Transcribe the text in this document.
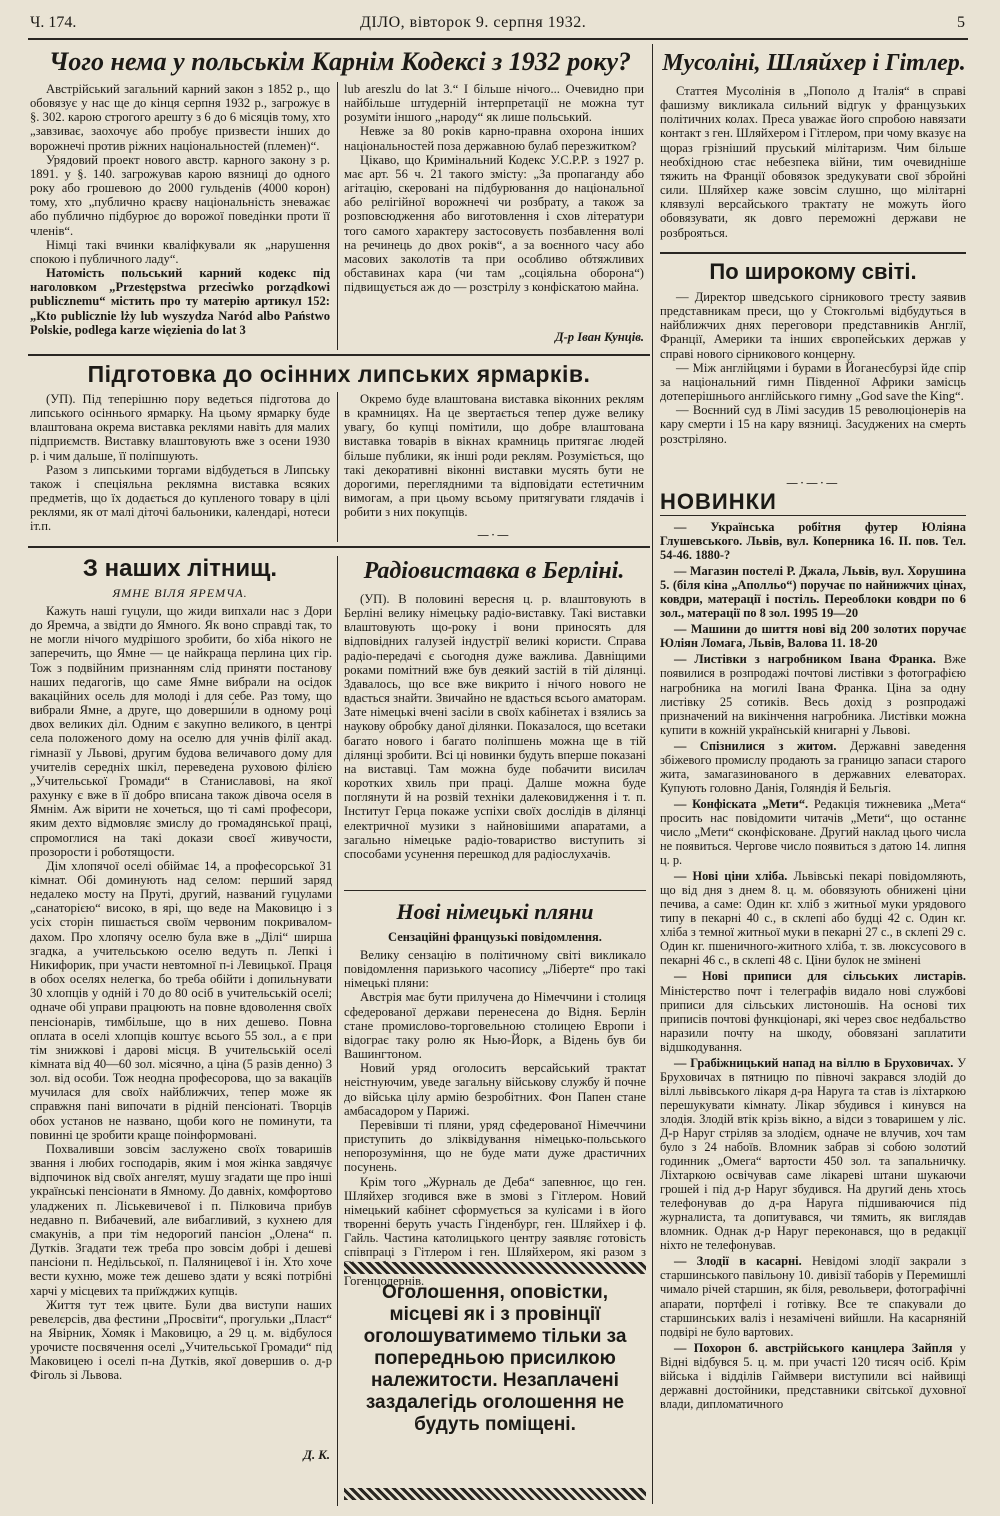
Ч. 174.	ДІЛО, вівторок 9. серпня 1932.	5
Чого нема у польськім Карнім Кодексі з 1932 року?

Австрійський загальний карний закон з 1852 р., що обовязує у нас ще до кінця серпня 1932 р., загрожує в §. 302. карою строгого арешту з 6 до 6 місяців тому, хто „завзиває, заохочує або пробує призвести інших до ворожнечі против ріжних національностей (племен)“.

Урядовий проект нового австр. карного закону з р. 1891. у §. 140. загрожував карою вязниці до одного року або грошевою до 2000 гульденів (4000 корон) тому, хто „публично краєву національність зневажає або публично підбурює до ворожої поведінки проти її членів“.

Німці такі вчинки кваліфкували як „нарушення спокою і публичного ладу“.

Натомість польський карний кодекс під наголовком „Przestępstwa przeciwko porządkowi publicznemu“ містить про ту матерію артикул 152: „Kto publicznie lży lub wyszydza Naród albo Państwo Polskie, podlega karze więzienia do lat 3

lub areszlu do lat 3.“ І більше нічого... Очевидно при найбільше штудерній інтерпретації не можна тут розуміти іншого „народу“ як лише польський.

Невже за 80 років карно-правна охорона інших національностей поза державною булаб перезжитком?

Цікаво, що Кримінальний Кодекс У.С.Р.Р. з 1927 р. має арт. 56 ч. 21 такого змісту: „За пропаганду або агітацію, скеровані на підбурювання до національної або релігійної ворожнечі чи розбрату, а також за розповсюдження або виготовлення і схов літератури того самого характеру застосовуєть позбавлення волі на речинець до двох років“, а за воєнного часу або масових заколотів та при особливо обтяжливих обставинах кара (чи там „соціяльна оборона“) підвищується аж до — розстрілу з конфіскатою майна.

Д-р Іван Кунців.
Мусоліні, Шляйхер і Гітлер.

Статтея Мусолінія в „Пополо д Італія“ в справі фашизму викликала сильний відгук у французьких політичних колах. Преса уважає його спробою навязати контакт з ген. Шляйхером і Гітлером, при чому вказує на щораз грізніший пруський мілітаризм. Чим більше необхідною стає небезпека війни, тим очевидніше тяжить на Франції обовязок зредукувати свої збройні сили. Шляйхер каже зовсім слушно, що мілітарні клявзулі версайського трактату не можуть його обовязувати, як довго переможні держави не розброяться.

По широкому світі.

— Директор шведського сірникового тресту заявив представникам преси, що у Стокгольмі відбудуться в найближчих днях переговори представників Англії, Франції, Америки та інших європейських держав у справі нового сірникового концерну.

— Між англійцями і бурами в Йоганесбурзі йде спір за національний гимн Південної Африки замісць дотеперішнього англійського гимну „God save the King“.

— Воєнний суд в Лімі засудив 15 революціонерів на кару смерти і 15 на кару вязниці. Засуджених на смерть розстріляно.

—·—·—
НОВИНКИ

— Українська робітня футер Юліяна Глушевського. Львів, вул. Коперника 16. ІІ. пов. Тел. 54-46. 1880-?

— Магазин постелі Р. Джала, Львів, вул. Хорушина 5. (біля кіна „Аполльо“) поручає по найнижчих цінах, ковдри, матерації і постіль. Переоблоки ковдри по 6 зол., матерації по 8 зол. 1995 19—20

— Машини до шиття нові від 200 золотих поручає Юліян Ломага, Львів, Валова 11. 18-20

— Листівки з нагробником Івана Франка. Вже появилися в розпродажі почтові листівки з фотографією нагробника на могилі Івана Франка. Ціна за одну листівку 25 сотиків. Весь дохід з розпродажі призначений на викінчення нагробника. Листівки можна купити в кожній українській книгарні у Львові.

— Спізнилися з житом. Державні заведення збіжевого промислу продають за границю запаси старого жита, замагазинованого в державних елеваторах. Купують головно Данія, Голяндія й Бельгія.

— Конфіската „Мети“. Редакція тижневика „Мета“ просить нас повідомити читачів „Мети“, що останнє число „Мети“ сконфісковане. Другий наклад цього числа не появиться. Чергове число появиться з датою 14. липня ц. р.

— Нові ціни хліба. Львівські пекарі повідомляють, що від дня з днем 8. ц. м. обовязують обнижені ціни печива, а саме: Один кг. хліб з житньої муки урядового типу в пекарні 40 с., в склепі або будці 42 с. Один кг. хліба з темної житньої муки в пекарні 27 с., в склепі 29 с. Один кг. пшеничного-житного хліба, т. зв. люксусового в пекарні 46 с., в склепі 48 с. Ціни булок не змінені

— Нові приписи для сільських листарів. Міністерство почт і телеграфів видало нові службові приписи для сільських листоношів. На основі тих приписів почтові функціонарі, які через своє недбальство наразили почту на шкоду, обовязані заплатити відшкодування.

— Грабіжницький напад на віллю в Бруховичах. У Бруховичах в пятницю по півночі закрався злодій до віллі львівського лікаря д-ра Наруга та став із ліхтаркою перешукувати кімнату. Лікар збудився і кинувся на злодія. Злодій втік крізь вікно, а відси з товаришем у ліс. Д-р Наруг стріляв за злодієм, одначе не влучив, хоч там було з 24 набоїв. Вломник забрав зі собою золотий годинник „Омега“ вартости 450 зол. та запальничку. Ліхтаркою освічував саме лікареві штани шукаючи грошей і під д-р Наруг збудився. На другий день хтось телефонував до д-ра Наруга підшиваючися під журналиста, та допитувався, чи тямить, як виглядав вломник. Однак д-р Наруг переконався, що в редакції ніхто не телефонував.

— Злодії в касарні. Невідомі злодії закрали з старшинського павільону 10. дивізії таборів у Перемишлі чимало річей старшин, як біля, револьвери, фотографічні апарати, портфелі і готівку. Все те спакували до старшинських валіз і незамічені вийшли. На касарняній подвірі не було вартових.

— Похорон б. австрійського канцлера Зайпля у Відні відбувся 5. ц. м. при участі 120 тисяч осіб. Крім війська і відділів Гаймвери виступили всі найвищі державні достойники, представники світської духовної влади, дипломатичного

Підготовка до осінних липських ярмарків.

(УП). Під теперішню пору ведеться підготова до липського осіннього ярмарку. На цьому ярмарку буде влаштована окрема виставка реклями навіть для малих підприємств. Виставку влаштовують вже з осени 1930 р. і чим дальше, її поліпшують.

Разом з липськими торгами відбудеться в Липську також і спеціяльна реклямна виставка всяких предметів, що їх додається до купленого товару в цілі реклями, як от малі діточі бальоники, календарі, нотеси іт.п.

Окремо буде влаштована виставка віконних реклям в крамницях. На це звертається тепер дуже велику увагу, бо купці помітили, що добре влаштована виставка товарів в вікнах крамниць притягає людей більше публики, як інші роди реклям. Розуміється, що такі декоративні віконні виставки мусять бути не дорогими, переглядними та відповідати естетичним вимогам, а при цьому всьому притягувати глядачів і робити з них покупців.

—·—
З наших літнищ.
ЯМНЕ ВІЛЯ ЯРЕМЧА.

Кажуть наші гуцули, що жиди випхали нас з Дори до Яремча, а звідти до Ямного. Як воно справді так, то не могли нічого мудрішого зробити, бо хіба нікого не заперечить, що Ямне — це найкраща перлина цих гір. Тож з подвійним признанням слід приняти постанову наших педагогів, що саме Ямне вибрали на осідок вакаційних осель для молоді і для себе. Раз тому, що вибрали Ямне, а друге, що доверши́ли в одному році двох великих діл. Одним є закупно великого, в центрі села положеного дому на оселю для учнів філії акад. гімназії у Львові, другим будова величавого дому для учителів середніх шкіл, переведена руховою філією „Учительської Громади“ в Станиславові, на якої рахунку є вже в її добро вписана також дівоча оселя в Ямнім. Аж вірити не хочеться, що ті самі професори, яким дехто відмовляє змислу до громадянської праці, спромоглися на такі докази своєї живучости, прозорости і роботящости.

Дім хлопячої оселі обіймає 14, а професорської 31 кімнат. Обі доминують над селом: перший заряд недалеко мосту на Пруті, другий, названий гуцулами „санаторією“ високо, в ярі, що веде на Маковицю і з усіх сторін пишається своїм червоним покривалом-дахом. Про хлопячу оселю була вже в „Ділі“ ширша згадка, а учительською оселю ведуть п. Лепкі і Никифорик, при участи невтомної п-і Левицької. Праця в обох оселях нелегка, бо треба обійти і допильнувати 30 хлопців у одній і 70 до 80 осіб в учительській оселі; одначе обі управи працюють на повне вдоволення своїх пенсіонарів, тимбільше, що в них дешево. Повна оплата в оселі хлопців коштує всього 55 зол., а є при тім знижкові і дарові місця. В учительській оселі кімната від 40—60 зол. місячно, а ціна (5 разів денно) 3 зол. від особи. Тож неодна професорова, що за вакаціїв мучилася для своїх найближчих, тепер може як справжня пані випочати в рідній пенсіонаті. Творців обох установ не названо, щоби кого не поминути, та повинні це зробити краще поінформовані.

Похваливши зовсім заслужено своїх товаришів звання і любих господарів, яким і моя жінка завдячує відпочинок від своїх ангелят, мушу згадати ще про інші українські пенсіонати в Ямному. До давніх, комфортово уладжених п. Ліськевичевої і п. Пілковича прибув недавно п. Вибачевий, але вибагливий, з кухнею для смакунів, а при тім недорогий пансіон „Олена“ п. Дутків. Згадати теж треба про зовсім добрі і дешеві пансіони п. Недільської, п. Паляницевої і ін. Хто хоче вести кухню, може теж дешево здати у всякі потрібні харчі у місцевих та приїжджих купців.

Життя тут теж цвите. Були два виступи наших ревелєрсів, два фестини „Просвіти“, прогульки „Пласт“ на Явірник, Хомяк і Маковицю, а 29 ц. м. відбулося урочисте посвячення оселі „Учительської Громади“ під Маковицею і оселі п-на Дутків, якої довершив о. д-р Фіголь зі Львова.

Д. К.
Радіовиставка в Берліні.

(УП). В половині вересня ц. р. влаштовують в Берліні велику німецьку радіо-виставку. Такі виставки влаштовують що-року і вони приносять для відповідних галузей індустрії великі користи. Справа радіо-передачі є сьогодня дуже важлива. Давніщими роками помітний вже був деякий застій в тій ділянці. Здавалось, що все вже викрито і нічого нового не вдасться знайти. Звичайно не вдасться всього аматорам. Зате німецькі вчені засіли в своїх кабінетах і взялись за наукову обробку даної ділянки. Показалося, що всетаки багато нового і багато поліпшень можна ще в тій ділянці зробити. Всі ці новинки будуть вперше показані на виставці. Там можна буде побачити висилач коротких хвиль при праці. Далше можна буде поглянути й на розвій техніки далековидження і т. п. Інститут Герца покаже успіхи своїх дослідів в ділянці електричної музики з найновішими апаратами, а загально німецьке радіо-товариство виступить зі способами усунення перешкод для радіослухачів.

Нові німецькі пляни
Сензаційні французькі повідомлення.

Велику сензацію в політичному світі викликало повідомлення паризького часопису „Ліберте“ про такі німецькі пляни:

Австрія має бути прилучена до Німеччини і столиця сфедерованої держави перенесена до Відня. Берлін стане промислово-торговельною столицею Европи і відограє таку ролю як Нью-Йорк, а Відень був би Вашингтоном.

Новий уряд оголосить версайський трактат неістнуючим, уведе загальну військову службу й почне до війська цілу армію безробітних. Фон Папен стане амбасадором у Парижі.

Перевівши ті пляни, уряд сфедерованої Німеччини приступить до зліквідування німецько-польського непорозуміння, що не буде мати дуже драстичних посунень.

Крім того „Журналь де Деба“ запевнює, що ген. Шляйхер згодився вже в змові з Гітлером. Новий німецький кабінет сформується за кулісами і в його творенні беруть участь Гінденбург, ген. Шляйхер і ф. Гайль. Частина католицького центру заявляє готовість співпраці з Гітлером і ген. Шляйхером, які разом з Гогенцолернів.

Оголошення, оповістки, місцеві як і з провінції оголошуватимемо тільки за попередньою присилкою належитости. Незаплачені заздалегідь оголошення не будуть поміщені.
